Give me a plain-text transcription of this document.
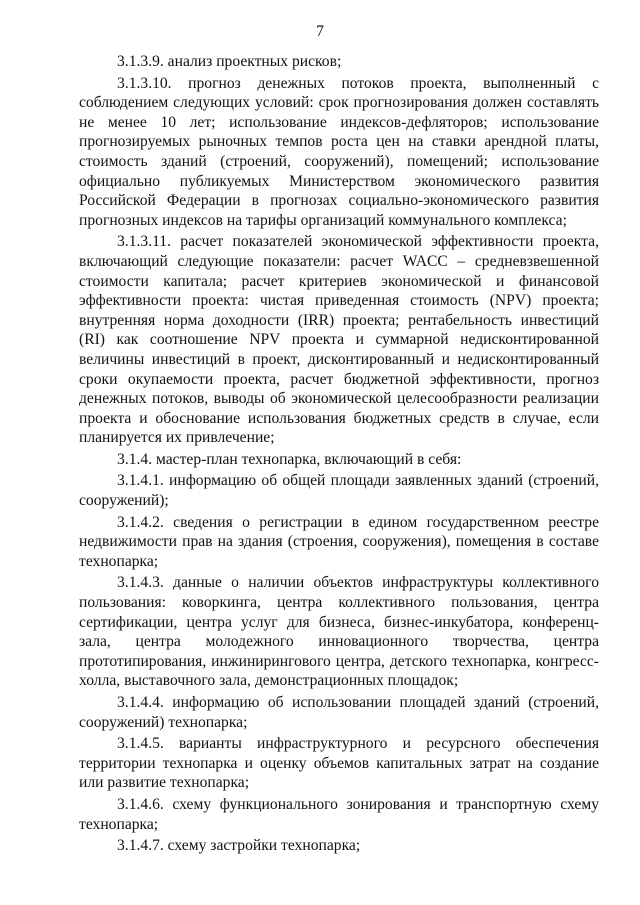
7

3.1.3.9. анализ проектных рисков;

3.1.3.10. прогноз денежных потоков проекта, выполненный с соблюдением следующих условий: срок прогнозирования должен составлять не менее 10 лет; использование индексов-дефляторов; использование прогнозируемых рыночных темпов роста цен на ставки арендной платы, стоимость зданий (строений, сооружений), помещений; использование официально публикуемых Министерством экономического развития Российской Федерации в прогнозах социально-экономического развития прогнозных индексов на тарифы организаций коммунального комплекса;

3.1.3.11. расчет показателей экономической эффективности проекта, включающий следующие показатели: расчет WACC – средневзвешенной стоимости капитала; расчет критериев экономической и финансовой эффективности проекта: чистая приведенная стоимость (NPV) проекта; внутренняя норма доходности (IRR) проекта; рентабельность инвестиций (RI) как соотношение NPV проекта и суммарной недисконтированной величины инвестиций в проект, дисконтированный и недисконтированный сроки окупаемости проекта, расчет бюджетной эффективности, прогноз денежных потоков, выводы об экономической целесообразности реализации проекта и обоснование использования бюджетных средств в случае, если планируется их привлечение;

3.1.4. мастер-план технопарка, включающий в себя:

3.1.4.1. информацию об общей площади заявленных зданий (строений, сооружений);

3.1.4.2. сведения о регистрации в едином государственном реестре недвижимости прав на здания (строения, сооружения), помещения в составе технопарка;

3.1.4.3. данные о наличии объектов инфраструктуры коллективного пользования: коворкинга, центра коллективного пользования, центра сертификации, центра услуг для бизнеса, бизнес-инкубатора, конференц-зала, центра молодежного инновационного творчества, центра прототипирования, инжинирингового центра, детского технопарка, конгресс-холла, выставочного зала, демонстрационных площадок;

3.1.4.4. информацию об использовании площадей зданий (строений, сооружений) технопарка;

3.1.4.5. варианты инфраструктурного и ресурсного обеспечения территории технопарка и оценку объемов капитальных затрат на создание или развитие технопарка;

3.1.4.6. схему функционального зонирования и транспортную схему технопарка;

3.1.4.7. схему застройки технопарка;
